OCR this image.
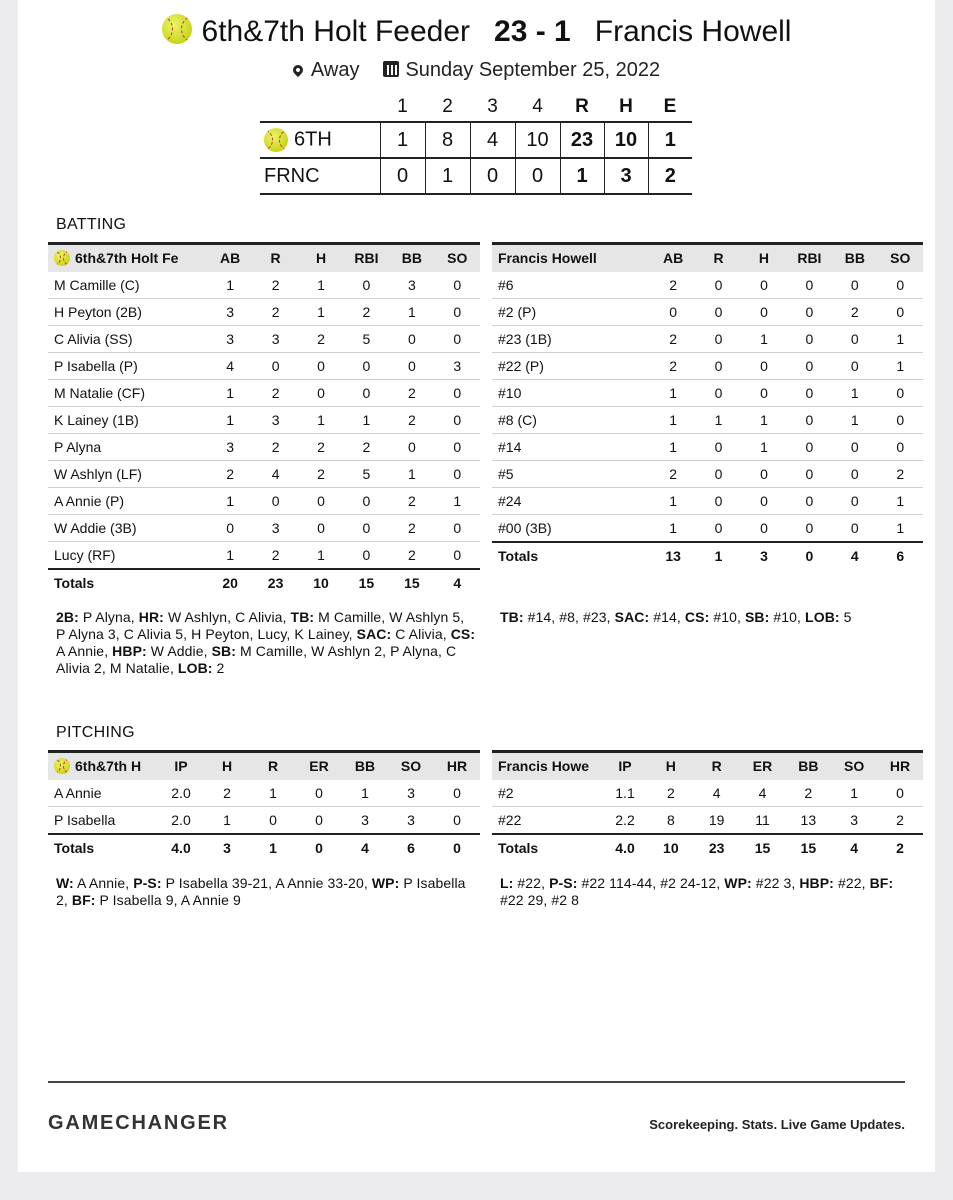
6th&7th Holt Feeder 23 - 1 Francis Howell
Away Sunday September 25, 2022
	1	2	3	4	R	H	E
6TH	1	8	4	10	23	10	1
FRNC	0	1	0	0	1	3	2
BATTING
6th&7th Holt Fe	AB	R	H	RBI	BB	SO
M Camille (C)	1	2	1	0	3	0
H Peyton (2B)	3	2	1	2	1	0
C Alivia (SS)	3	3	2	5	0	0
P Isabella (P)	4	0	0	0	0	3
M Natalie (CF)	1	2	0	0	2	0
K Lainey (1B)	1	3	1	1	2	0
P Alyna	3	2	2	2	0	0
W Ashlyn (LF)	2	4	2	5	1	0
A Annie (P)	1	0	0	0	2	1
W Addie (3B)	0	3	0	0	2	0
Lucy (RF)	1	2	1	0	2	0
Totals	20	23	10	15	15	4
Francis Howell	AB	R	H	RBI	BB	SO
#6	2	0	0	0	0	0
#2 (P)	0	0	0	0	2	0
#23 (1B)	2	0	1	0	0	1
#22 (P)	2	0	0	0	0	1
#10	1	0	0	0	1	0
#8 (C)	1	1	1	0	1	0
#14	1	0	1	0	0	0
#5	2	0	0	0	0	2
#24	1	0	0	0	0	1
#00 (3B)	1	0	0	0	0	1
Totals	13	1	3	0	4	6
2B: P Alyna, HR: W Ashlyn, C Alivia, TB: M Camille, W Ashlyn 5, P Alyna 3, C Alivia 5, H Peyton, Lucy, K Lainey, SAC: C Alivia, CS: A Annie, HBP: W Addie, SB: M Camille, W Ashlyn 2, P Alyna, C Alivia 2, M Natalie, LOB: 2
TB: #14, #8, #23, SAC: #14, CS: #10, SB: #10, LOB: 5
PITCHING
6th&7th H	IP	H	R	ER	BB	SO	HR
A Annie	2.0	2	1	0	1	3	0
P Isabella	2.0	1	0	0	3	3	0
Totals	4.0	3	1	0	4	6	0
Francis Howe	IP	H	R	ER	BB	SO	HR
#2	1.1	2	4	4	2	1	0
#22	2.2	8	19	11	13	3	2
Totals	4.0	10	23	15	15	4	2
W: A Annie, P-S: P Isabella 39-21, A Annie 33-20, WP: P Isabella 2, BF: P Isabella 9, A Annie 9
L: #22, P-S: #22 114-44, #2 24-12, WP: #22 3, HBP: #22, BF: #22 29, #2 8
GAMECHANGER	Scorekeeping. Stats. Live Game Updates.
